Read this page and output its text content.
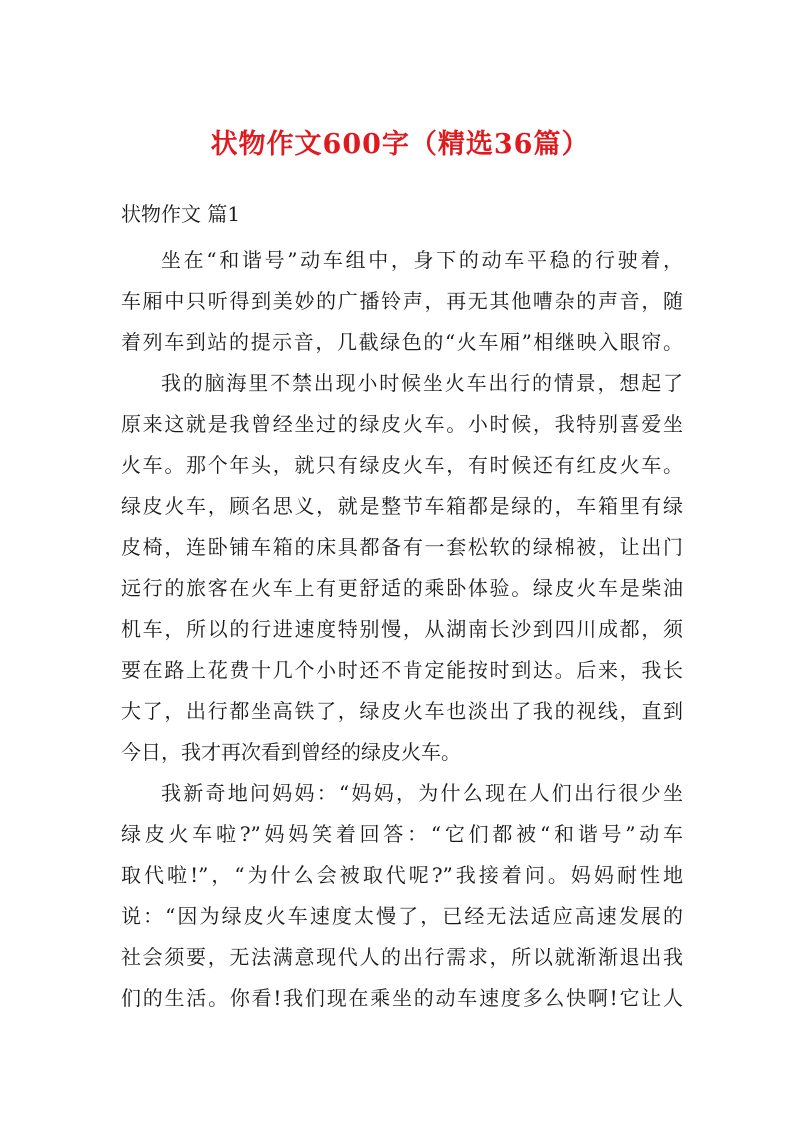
状物作文600字（精选36篇）
状物作文 篇1

坐在“和谐号”动车组中，身下的动车平稳的行驶着，
车厢中只听得到美妙的广播铃声，再无其他嘈杂的声音，随
着列车到站的提示音，几截绿色的“火车厢”相继映入眼帘。

我的脑海里不禁出现小时候坐火车出行的情景，想起了
原来这就是我曾经坐过的绿皮火车。小时候，我特别喜爱坐
火车。那个年头，就只有绿皮火车，有时候还有红皮火车。
绿皮火车，顾名思义，就是整节车箱都是绿的，车箱里有绿
皮椅，连卧铺车箱的床具都备有一套松软的绿棉被，让出门
远行的旅客在火车上有更舒适的乘卧体验。绿皮火车是柴油
机车，所以的行进速度特别慢，从湖南长沙到四川成都，须
要在路上花费十几个小时还不肯定能按时到达。后来，我长
大了，出行都坐高铁了，绿皮火车也淡出了我的视线，直到
今日，我才再次看到曾经的绿皮火车。

我新奇地问妈妈：“妈妈，为什么现在人们出行很少坐
绿皮火车啦?”妈妈笑着回答：“它们都被“和谐号”动车
取代啦!”，“为什么会被取代呢?”我接着问。妈妈耐性地
说：“因为绿皮火车速度太慢了，已经无法适应高速发展的
社会须要，无法满意现代人的出行需求，所以就渐渐退出我
们的生活。你看!我们现在乘坐的动车速度多么快啊!它让人
